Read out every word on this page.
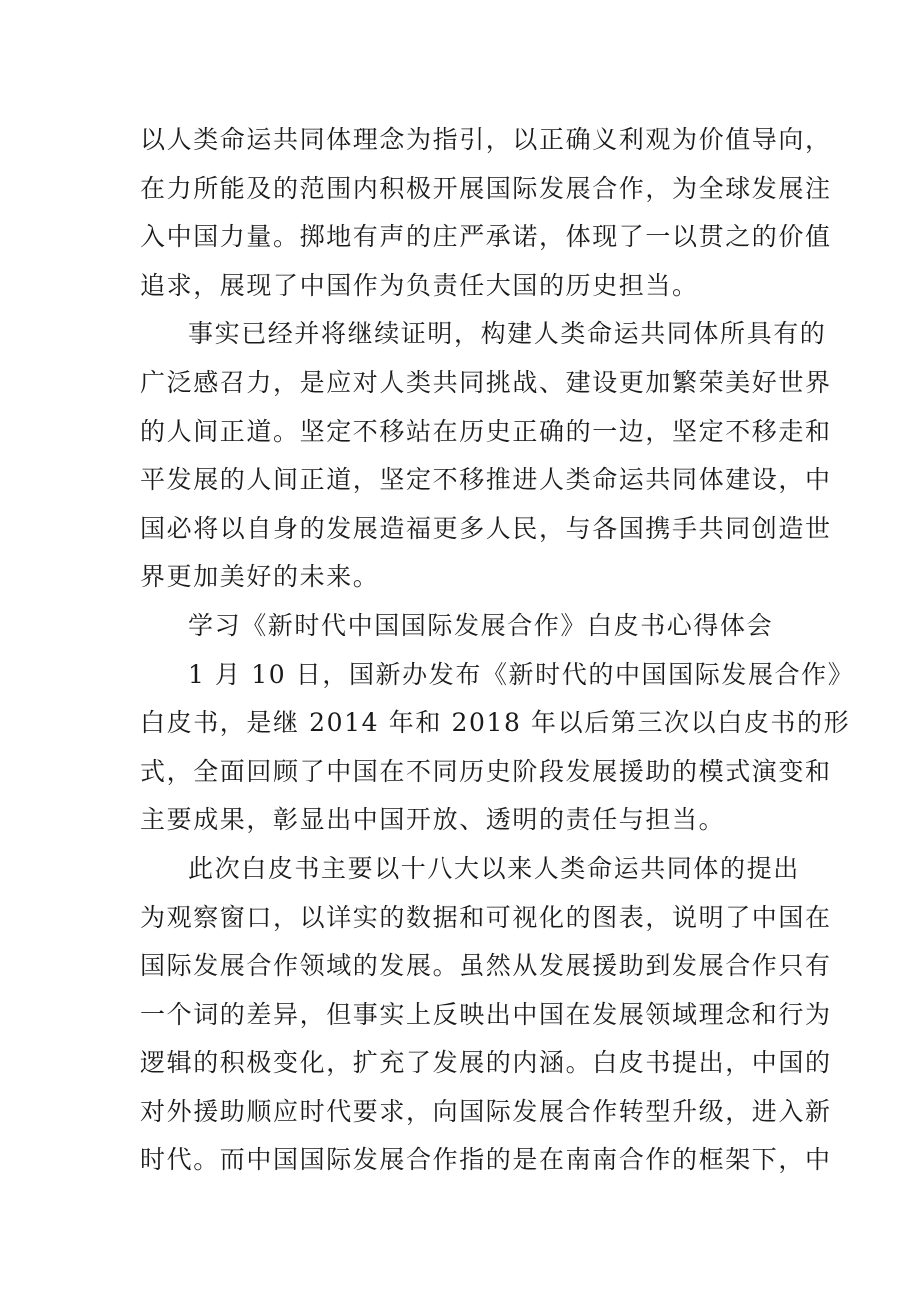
以人类命运共同体理念为指引，以正确义利观为价值导向，
在力所能及的范围内积极开展国际发展合作，为全球发展注
入中国力量。掷地有声的庄严承诺，体现了一以贯之的价值
追求，展现了中国作为负责任大国的历史担当。
事实已经并将继续证明，构建人类命运共同体所具有的
广泛感召力，是应对人类共同挑战、建设更加繁荣美好世界
的人间正道。坚定不移站在历史正确的一边，坚定不移走和
平发展的人间正道，坚定不移推进人类命运共同体建设，中
国必将以自身的发展造福更多人民，与各国携手共同创造世
界更加美好的未来。
学习《新时代中国国际发展合作》白皮书心得体会
1 月 10 日，国新办发布《新时代的中国国际发展合作》
白皮书，是继 2014 年和 2018 年以后第三次以白皮书的形
式，全面回顾了中国在不同历史阶段发展援助的模式演变和
主要成果，彰显出中国开放、透明的责任与担当。
此次白皮书主要以十八大以来人类命运共同体的提出
为观察窗口，以详实的数据和可视化的图表，说明了中国在
国际发展合作领域的发展。虽然从发展援助到发展合作只有
一个词的差异，但事实上反映出中国在发展领域理念和行为
逻辑的积极变化，扩充了发展的内涵。白皮书提出，中国的
对外援助顺应时代要求，向国际发展合作转型升级，进入新
时代。而中国国际发展合作指的是在南南合作的框架下，中
